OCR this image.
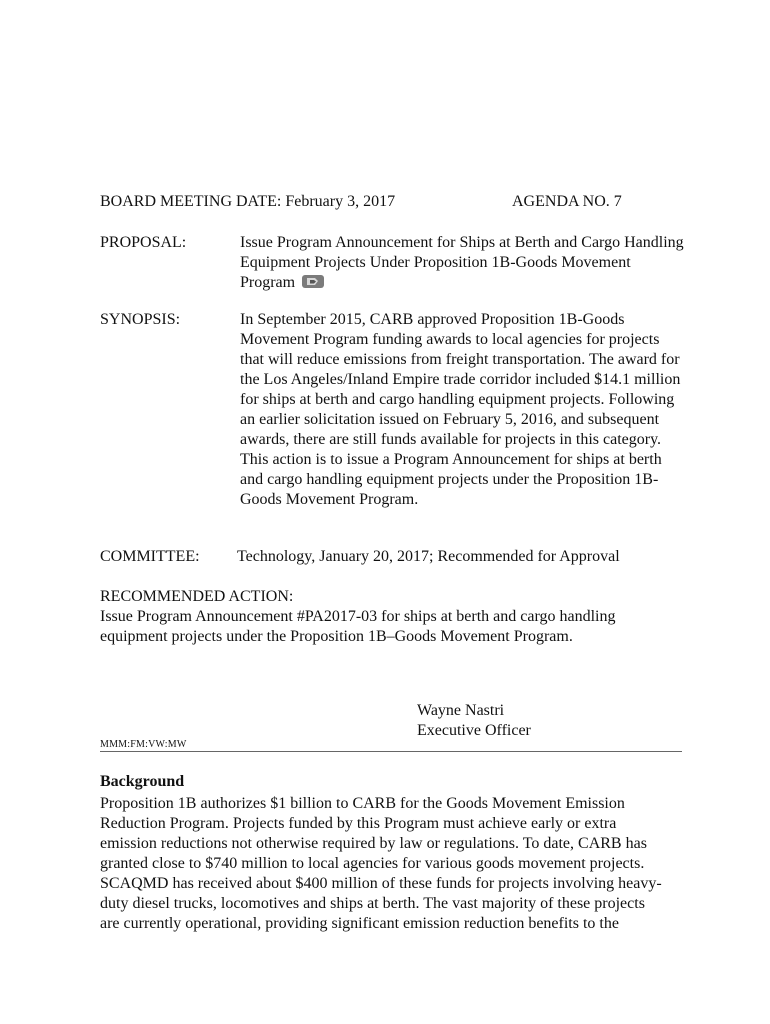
BOARD MEETING DATE: February 3, 2017	AGENDA NO. 7
PROPOSAL:	Issue Program Announcement for Ships at Berth and Cargo Handling
Equipment Projects Under Proposition 1B-Goods Movement
Program
SYNOPSIS:	In September 2015, CARB approved Proposition 1B-Goods
Movement Program funding awards to local agencies for projects
that will reduce emissions from freight transportation. The award for
the Los Angeles/Inland Empire trade corridor included $14.1 million
for ships at berth and cargo handling equipment projects. Following
an earlier solicitation issued on February 5, 2016, and subsequent
awards, there are still funds available for projects in this category.
This action is to issue a Program Announcement for ships at berth
and cargo handling equipment projects under the Proposition 1B-
Goods Movement Program.
COMMITTEE: Technology, January 20, 2017; Recommended for Approval
RECOMMENDED ACTION:
Issue Program Announcement #PA2017-03 for ships at berth and cargo handling
equipment projects under the Proposition 1B–Goods Movement Program.
Wayne Nastri
Executive Officer
MMM:FM:VW:MW
Background
Proposition 1B authorizes $1 billion to CARB for the Goods Movement Emission
Reduction Program. Projects funded by this Program must achieve early or extra
emission reductions not otherwise required by law or regulations. To date, CARB has
granted close to $740 million to local agencies for various goods movement projects.
SCAQMD has received about $400 million of these funds for projects involving heavy-
duty diesel trucks, locomotives and ships at berth. The vast majority of these projects
are currently operational, providing significant emission reduction benefits to the
